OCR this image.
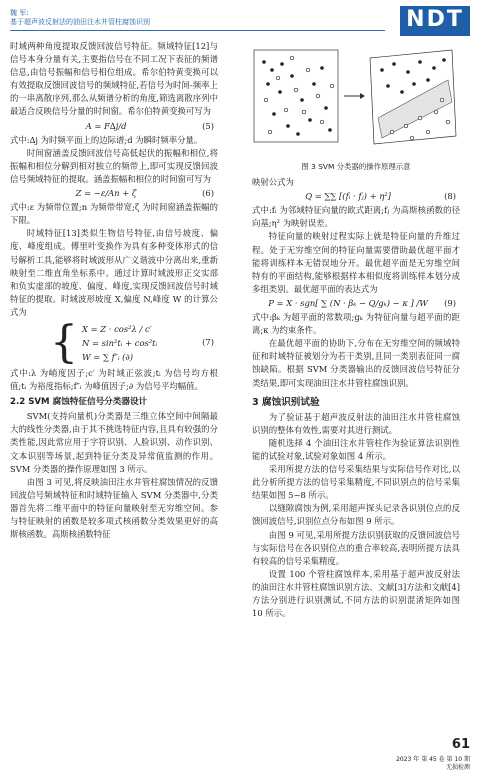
魏 军:
基于超声波反射法的油田注水井管柱腐蚀识别	NDT

时域两种角度提取反馈回波信号特征。频域特征[12]与信号本身分量有关,主要指信号在不同工况下表征的频谱信息,由信号振幅和信号相位组成。希尔伯特黄变换可以有效提取反馈回波信号的频域特征,若信号为时间-频率上的一串离散序列,那么从频谱分析的角度,筛选离散序列中最适合反映信号分量的时间窗。希尔伯特黄变换可写为

A = F∆j/d	(5)

式中:∆j 为时频平面上的边际谱;d 为瞬时频率分量。

时间窗涵盖反馈回波信号高低起伏的振幅和相位,将振幅和相位分解到相对独立的频带上,即可实现反馈回波信号频域特征的提取。涵盖振幅和相位的时间窗可写为

Z = −ε/An + ζ	(6)

式中:ε 为频带位置;n 为频带带宽;ζ 为时间窗涵盖振幅的下限。

时域特征[13]类似生物信号特征,由信号坡度、偏度、峰度组成。傅里叶变换作为具有多种变体形式的信号解析工具,能够将时域波形从广义谐波中分离出来,重新映射至二维直角坐标系中。通过计算时域波形正交实部和负实虚部的坡度、偏度、峰度,实现反馈回波信号时域特征的提取。时域波形坡度 X,偏度 N,峰度 W 的计算公式为

{ X = Z · cos²λ / c′
N = sin²tᵢ + cos²tᵢ
W = ∑ f″ᵢ (∂)
(7)

式中:λ 为峭度因子;c′ 为时域正弦波;tᵢ 为信号均方根值;tᵢ 为裕度指标;f″ᵢ 为峰值因子;∂ 为信号平均幅值。

2.2 SVM 腐蚀特征信号分类器设计

SVM(支持向量机)分类器是三维立体空间中间隔最大的线性分类器,由于其不挑选特征内容,且具有较强的分类性能,因此常应用于字符识别、人脸识别、动作识别、文本识别等场景,起到特征分类及异常值监测的作用。SVM 分类器的操作原理如图 3 所示。

由图 3 可见,将反映油田注水井管柱腐蚀情况的反馈回波信号频域特征和时域特征输入 SVM 分类器中,分类器首先将二维平面中的特征向量映射至无穷维空间。参与特征映射的函数是较多项式核函数分类效果更好的高斯核函数。高斯核函数特征

图 3 SVM 分类器的操作原理示意

映射公式为

Q = ∑∑ [(fᵢ · fⱼ) + η²]	(8)

式中:fᵢ 为邻域特征向量的欧式距离;fⱼ 为高斯核函数的径向基;η² 为映射误差。

特征向量的映射过程实际上就是特征向量的升维过程。处于无穷维空间的特征向量需要借助最优超平面才能将训练样本无错误地分开。最优超平面是无穷维空间特有的平面结构,能够根据样本相似度将训练样本划分成多组类别。最优超平面的表达式为

P = X · sgn[ ∑ (N · βₖ − Q/gₖ) − κ ] /W	(9)

式中:βₖ 为超平面的常数项;gₖ 为特征向量与超平面的距离;κ 为约束条件。

在最优超平面的协助下,分布在无穷维空间的频域特征和时域特征被划分为若干类别,且同一类别表征同一腐蚀缺陷。根据 SVM 分类器输出的反馈回波信号特征分类结果,即可实现油田注水井管柱腐蚀识别。

3 腐蚀识别试验

为了验证基于超声波反射法的油田注水井管柱腐蚀识别的整体有效性,需要对其进行测试。

随机选择 4 个油田注水井管柱作为验证算法识别性能的试验对象,试验对象如图 4 所示。

采用所提方法的信号采集结果与实际信号作对比,以此分析所提方法的信号采集精度,不同识别点的信号采集结果如图 5~8 所示。

以缝隙腐蚀为例,采用超声探头记录各识别位点的反馈回波信号,识别位点分布如图 9 所示。

由图 9 可见,采用所提方法识别获取的反馈回波信号与实际信号在各识别位点的重合率较高,表明所提方法具有较高的信号采集精度。

设置 100 个管柱腐蚀样本,采用基于超声波反射法的油田注水井管柱腐蚀识别方法、文献[3]方法和文献[4]方法分别进行识别测试,不同方法的识别混淆矩阵如图 10 所示。

61
2023 年 第 45 卷 第 10 期
无损检测
